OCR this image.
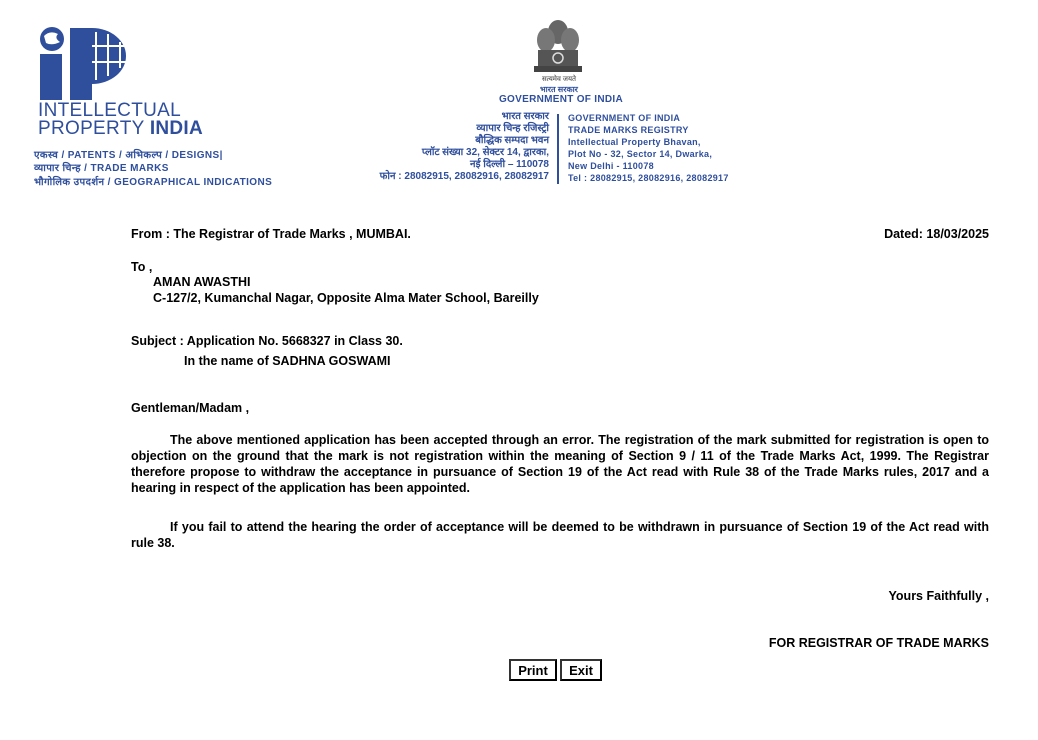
INTELLECTUAL
PROPERTY INDIA
एकस्व / PATENTS / अभिकल्प / DESIGNS|
व्यापार चिन्ह / TRADE MARKS
भौगोलिक उपदर्शन / GEOGRAPHICAL INDICATIONS
सत्यमेव जयते
भारत सरकार
GOVERNMENT OF INDIA
भारत सरकार
व्यापार चिन्ह रजिस्ट्री
बौद्धिक सम्पदा भवन
प्लॉट संख्या 32, सेक्टर 14, द्वारका,
नई दिल्ली – 110078
फोन : 28082915, 28082916, 28082917
GOVERNMENT OF INDIA
TRADE MARKS REGISTRY
Intellectual Property Bhavan,
Plot No - 32, Sector 14, Dwarka,
New Delhi - 110078
Tel : 28082915, 28082916, 28082917
From : The Registrar of Trade Marks , MUMBAI.	Dated: 18/03/2025
To ,
AMAN AWASTHI
C-127/2, Kumanchal Nagar, Opposite Alma Mater School, Bareilly
Subject : Application No. 5668327 in Class 30.
In the name of SADHNA GOSWAMI
Gentleman/Madam ,
The above mentioned application has been accepted through an error. The registration of the mark submitted for registration is open to objection on the ground that the mark is not registration within the meaning of Section 9 / 11 of the Trade Marks Act, 1999. The Registrar therefore propose to withdraw the acceptance in pursuance of Section 19 of the Act read with Rule 38 of the Trade Marks rules, 2017 and a hearing in respect of the application has been appointed.
If you fail to attend the hearing the order of acceptance will be deemed to be withdrawn in pursuance of Section 19 of the Act read with rule 38.
Yours Faithfully ,
FOR REGISTRAR OF TRADE MARKS
Print	Exit
